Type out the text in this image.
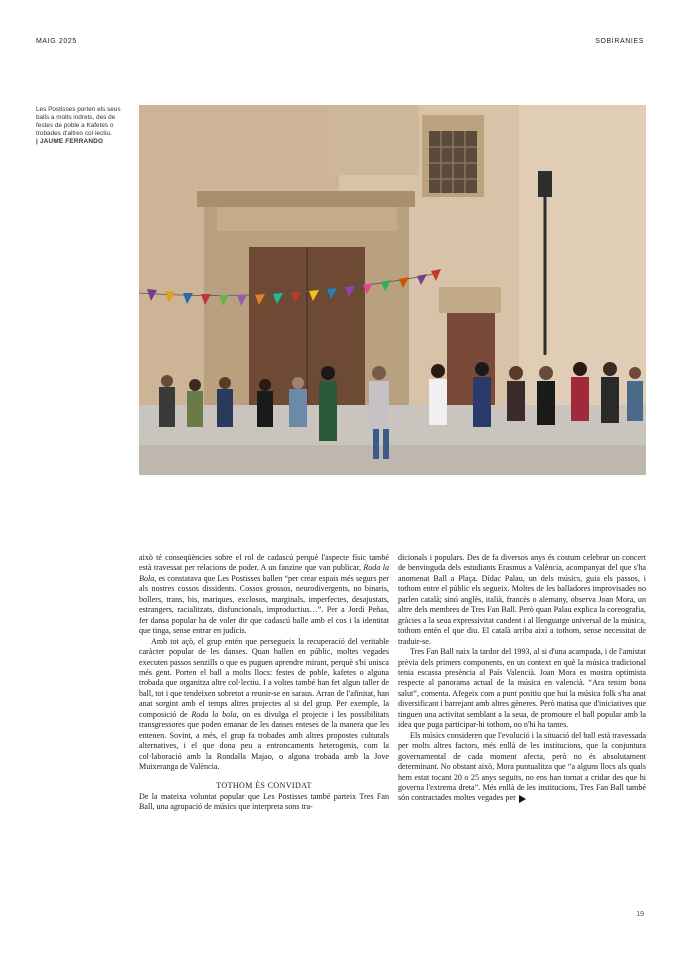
MAIG 2025	SOBIRANIES
Les Postisses porten els seus balls a molts indrets, des de festes de poble a Kafetes o trobades d'altres col·lectiu.
| JAUME FERRANDO

això té conseqüències sobre el rol de cadascú perquè l'aspecte físic també està travessat per relacions de poder. A un fanzine que van publicar, Roda la Bola, es constatava que Les Postisses ballen “per crear espais més segurs per als nostres cossos dissidents. Cossos grossos, neurodivergents, no binaris, bollers, trans, bis, mariques, exclosos, marginals, imperfectes, desajustats, estrangers, racialitzats, disfuncionals, improductius…”. Per a Jordi Peñas, fer dansa popular ha de voler dir que cadascú balle amb el cos i la identitat que tinga, sense entrar en judicis.

Amb tot açò, el grup entén que persegueix la recuperació del veritable caràcter popular de les danses. Quan ballen en públic, moltes vegades executen passos senzills o que es puguen aprendre mirant, perquè s'hi unisca més gent. Porten el ball a molts llocs: festes de poble, kafetes o alguna trobada que organitza altre col·lectiu. I a voltes també han fet algun taller de ball, tot i que tendeixen sobretot a reunir-se en saraus. Arran de l'afinitat, han anat sorgint amb el temps altres projectes al si del grup. Per exemple, la composició de Roda la bola, on es divulga el projecte i les possibilitats transgressores que poden emanar de les danses enteses de la manera que les entenen. Sovint, a més, el grup fa trobades amb altres propostes culturals alternatives, i el que dona peu a entroncaments heterogenis, com la col·laboració amb la Rondalla Majao, o alguna trobada amb la Jove Muixeranga de València.

TOTHOM ÉS CONVIDAT

De la mateixa voluntat popular que Les Postisses també parteix Tres Fan Ball, una agrupació de músics que interpreta sons tra-

dicionals i populars. Des de fa diversos anys és costum celebrar un concert de benvinguda dels estudiants Erasmus a València, acompanyat del que s'ha anomenat Ball a Plaça. Dídac Palau, un dels músics, guia els passos, i tothom entre el públic els segueix. Moltes de les balladores improvisades no parlen català; sinó anglès, italià, francès o alemany, observa Joan Mora, un altre dels membres de Tres Fan Ball. Però quan Palau explica la coreografia, gràcies a la seua expressivitat candent i al llenguatge universal de la música, tothom entén el que diu. El català arriba així a tothom, sense necessitat de traduir-se.

Tres Fan Ball naix la tardor del 1993, al si d'una acampada, i de l'amistat prèvia dels primers components, en un context en què la música tradicional tenia escassa presència al País Valencià. Joan Mora es mostra optimista respecte al panorama actual de la música en valencià. “Ara tenim bona salut”, comenta. Afegeix com a punt positiu que hui la música folk s'ha anat diversificant i barrejant amb altres gèneres. Però matisa que d'iniciatives que tinguen una activitat semblant a la seua, de promoure el ball popular amb la idea que puga participar-hi tothom, no n'hi ha tantes.

Els músics consideren que l'evolució i la situació del ball està travessada per molts altres factors, més enllà de les institucions, que la conjuntura governamental de cada moment afecta, però no és absolutament determinant. No obstant això, Mora puntualitza que “a alguns llocs als quals hem estat tocant 20 o 25 anys seguits, no ens han tornat a cridar des que hi governa l'extrema dreta”. Més enllà de les institucions, Tres Fan Ball també són contractades moltes vegades per

19
